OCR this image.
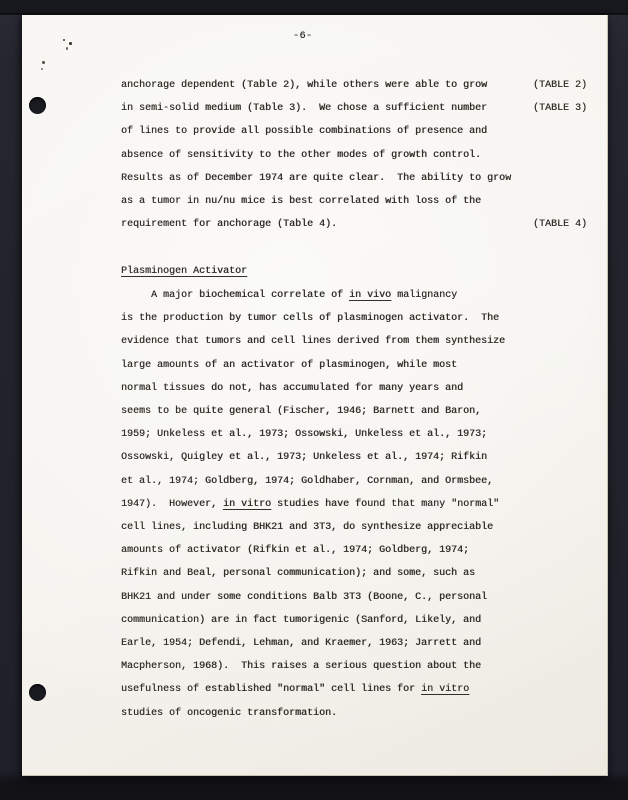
-6-
anchorage dependent (Table 2), while others were able to grow
in semi-solid medium (Table 3).  We chose a sufficient number
of lines to provide all possible combinations of presence and
absence of sensitivity to the other modes of growth control.
Results as of December 1974 are quite clear.  The ability to grow
as a tumor in nu/nu mice is best correlated with loss of the
requirement for anchorage (Table 4).
(TABLE 2)
(TABLE 3)
(TABLE 4)
Plasminogen Activator
A major biochemical correlate of in vivo malignancy
is the production by tumor cells of plasminogen activator.  The
evidence that tumors and cell lines derived from them synthesize
large amounts of an activator of plasminogen, while most
normal tissues do not, has accumulated for many years and
seems to be quite general (Fischer, 1946; Barnett and Baron,
1959; Unkeless et al., 1973; Ossowski, Unkeless et al., 1973;
Ossowski, Quigley et al., 1973; Unkeless et al., 1974; Rifkin
et al., 1974; Goldberg, 1974; Goldhaber, Cornman, and Ormsbee,
1947).  However, in vitro studies have found that many "normal"
cell lines, including BHK21 and 3T3, do synthesize appreciable
amounts of activator (Rifkin et al., 1974; Goldberg, 1974;
Rifkin and Beal, personal communication); and some, such as
BHK21 and under some conditions Balb 3T3 (Boone, C., personal
communication) are in fact tumorigenic (Sanford, Likely, and
Earle, 1954; Defendi, Lehman, and Kraemer, 1963; Jarrett and
Macpherson, 1968).  This raises a serious question about the
usefulness of established "normal" cell lines for in vitro
studies of oncogenic transformation.
